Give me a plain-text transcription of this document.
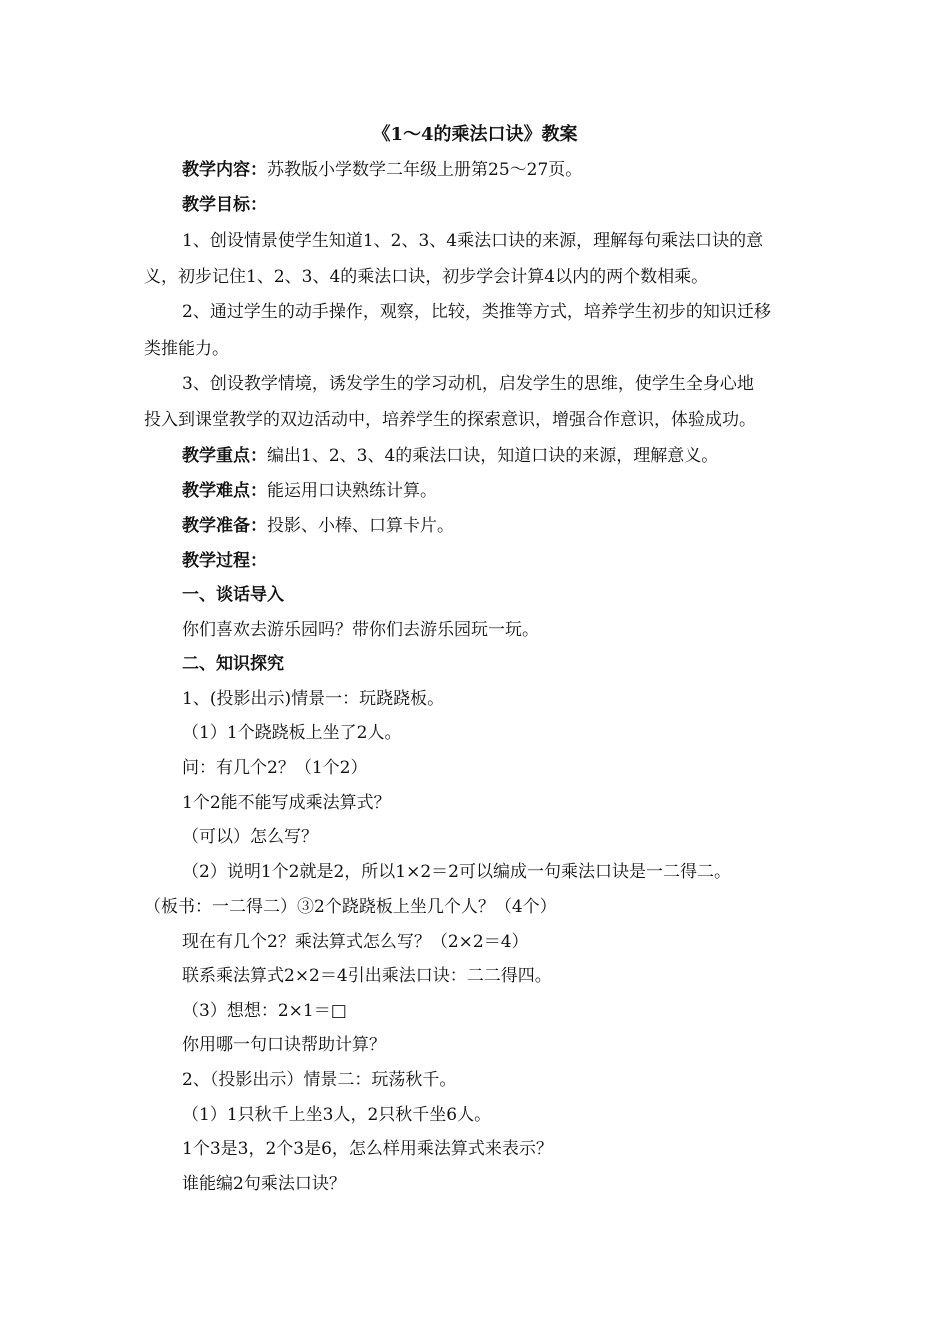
《1～4的乘法口诀》教案
教学内容：苏教版小学数学二年级上册第25～27页。
教学目标：
1、创设情景使学生知道1、2、3、4乘法口诀的来源，理解每句乘法口诀的意
义，初步记住1、2、3、4的乘法口诀，初步学会计算4以内的两个数相乘。
2、通过学生的动手操作，观察，比较，类推等方式，培养学生初步的知识迁移
类推能力。
3、创设教学情境，诱发学生的学习动机，启发学生的思维，使学生全身心地
投入到课堂教学的双边活动中，培养学生的探索意识，增强合作意识，体验成功。
教学重点：编出1、2、3、4的乘法口诀，知道口诀的来源，理解意义。
教学难点：能运用口诀熟练计算。
教学准备：投影、小棒、口算卡片。
教学过程：
一、谈话导入
你们喜欢去游乐园吗？带你们去游乐园玩一玩。
二、知识探究
1、(投影出示)情景一：玩跷跷板。
（1）1个跷跷板上坐了2人。
问：有几个2？（1个2）
1个2能不能写成乘法算式？
（可以）怎么写？
（2）说明1个2就是2，所以1×2＝2可以编成一句乘法口诀是一二得二。
（板书：一二得二）③2个跷跷板上坐几个人？（4个）
现在有几个2？乘法算式怎么写？（2×2＝4）
联系乘法算式2×2＝4引出乘法口诀：二二得四。
（3）想想：2×1＝□
你用哪一句口诀帮助计算？
2、（投影出示）情景二：玩荡秋千。
（1）1只秋千上坐3人，2只秋千坐6人。
1个3是3，2个3是6，怎么样用乘法算式来表示？
谁能编2句乘法口诀？
